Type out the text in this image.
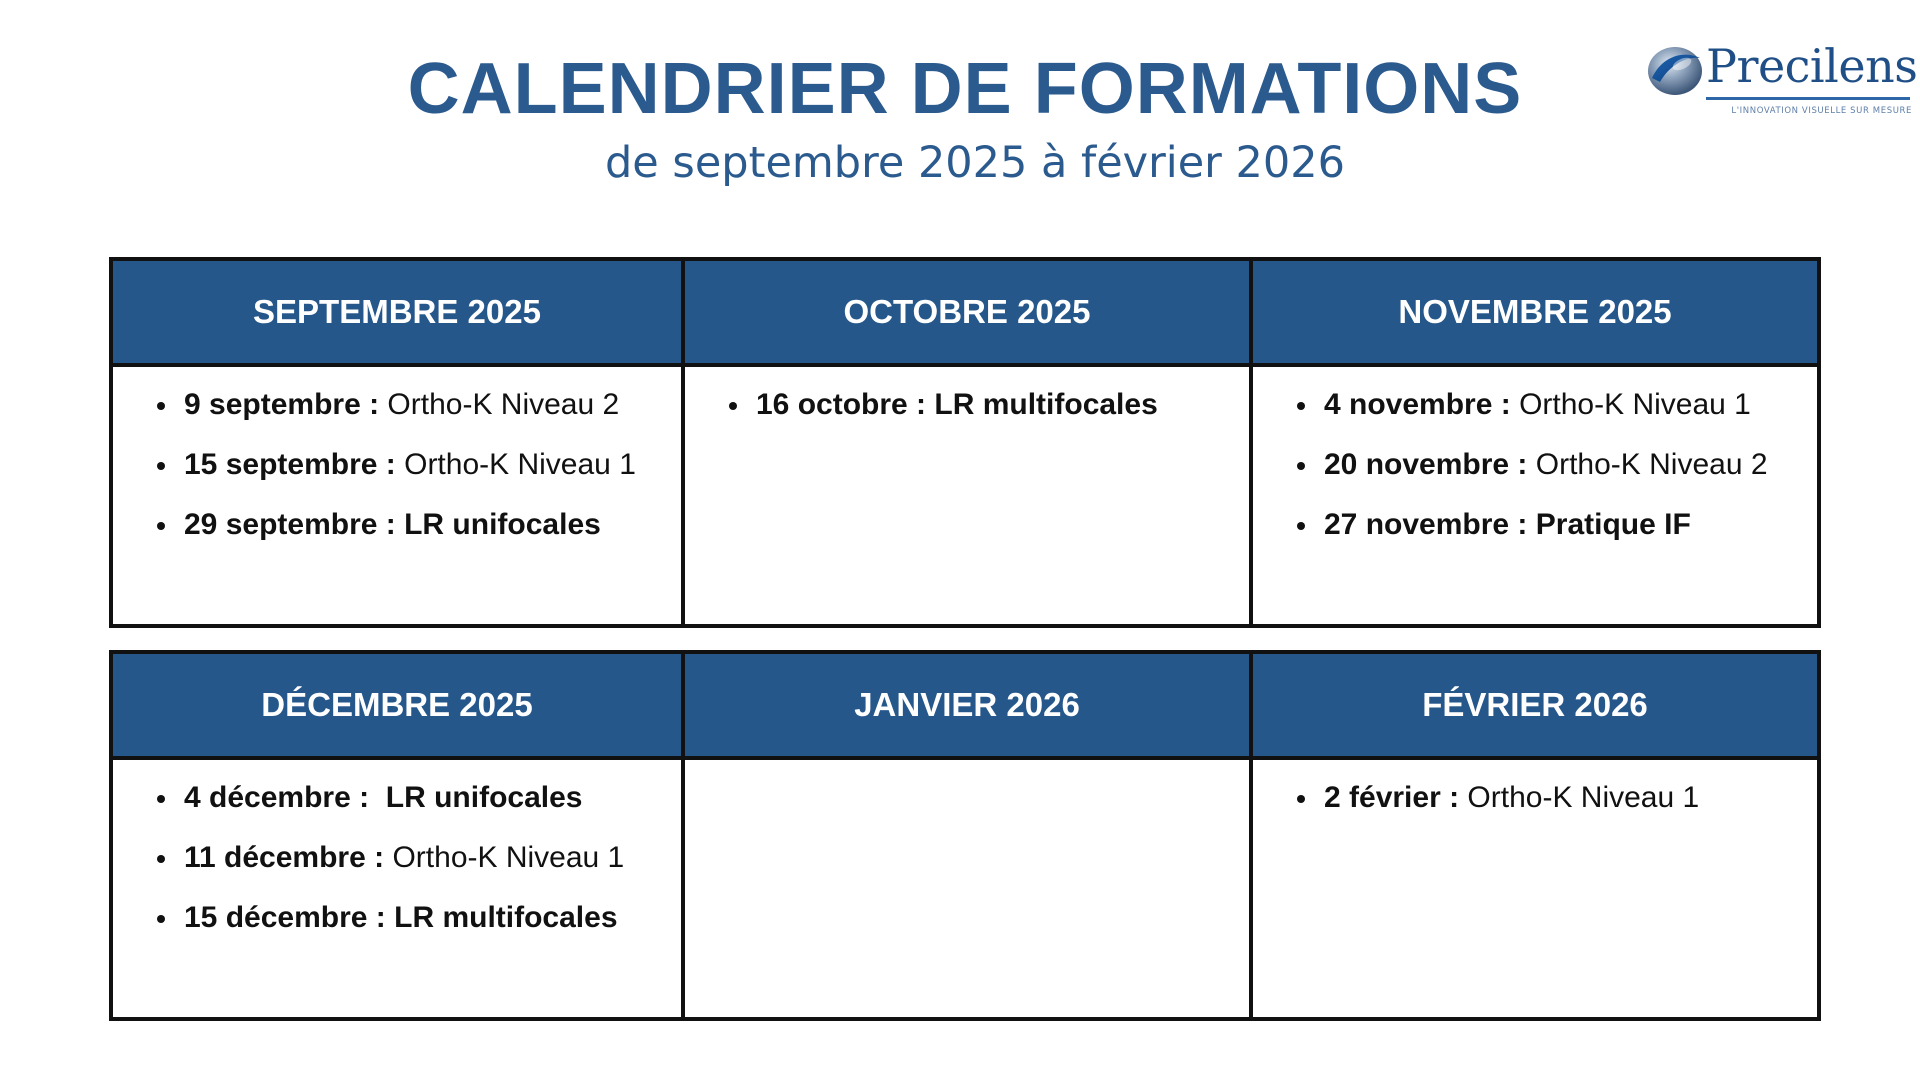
CALENDRIER DE FORMATIONS
de septembre 2025 à février 2026
Precilens
L'INNOVATION VISUELLE SUR MESURE
SEPTEMBRE 2025
9 septembre : Ortho-K Niveau 2
15 septembre : Ortho-K Niveau 1
29 septembre : LR unifocales
OCTOBRE 2025
16 octobre : LR multifocales
NOVEMBRE 2025
4 novembre : Ortho-K Niveau 1
20 novembre : Ortho-K Niveau 2
27 novembre : Pratique IF
DÉCEMBRE 2025
4 décembre :  LR unifocales
11 décembre : Ortho-K Niveau 1
15 décembre : LR multifocales
JANVIER 2026	FÉVRIER 2026
2 février : Ortho-K Niveau 1
